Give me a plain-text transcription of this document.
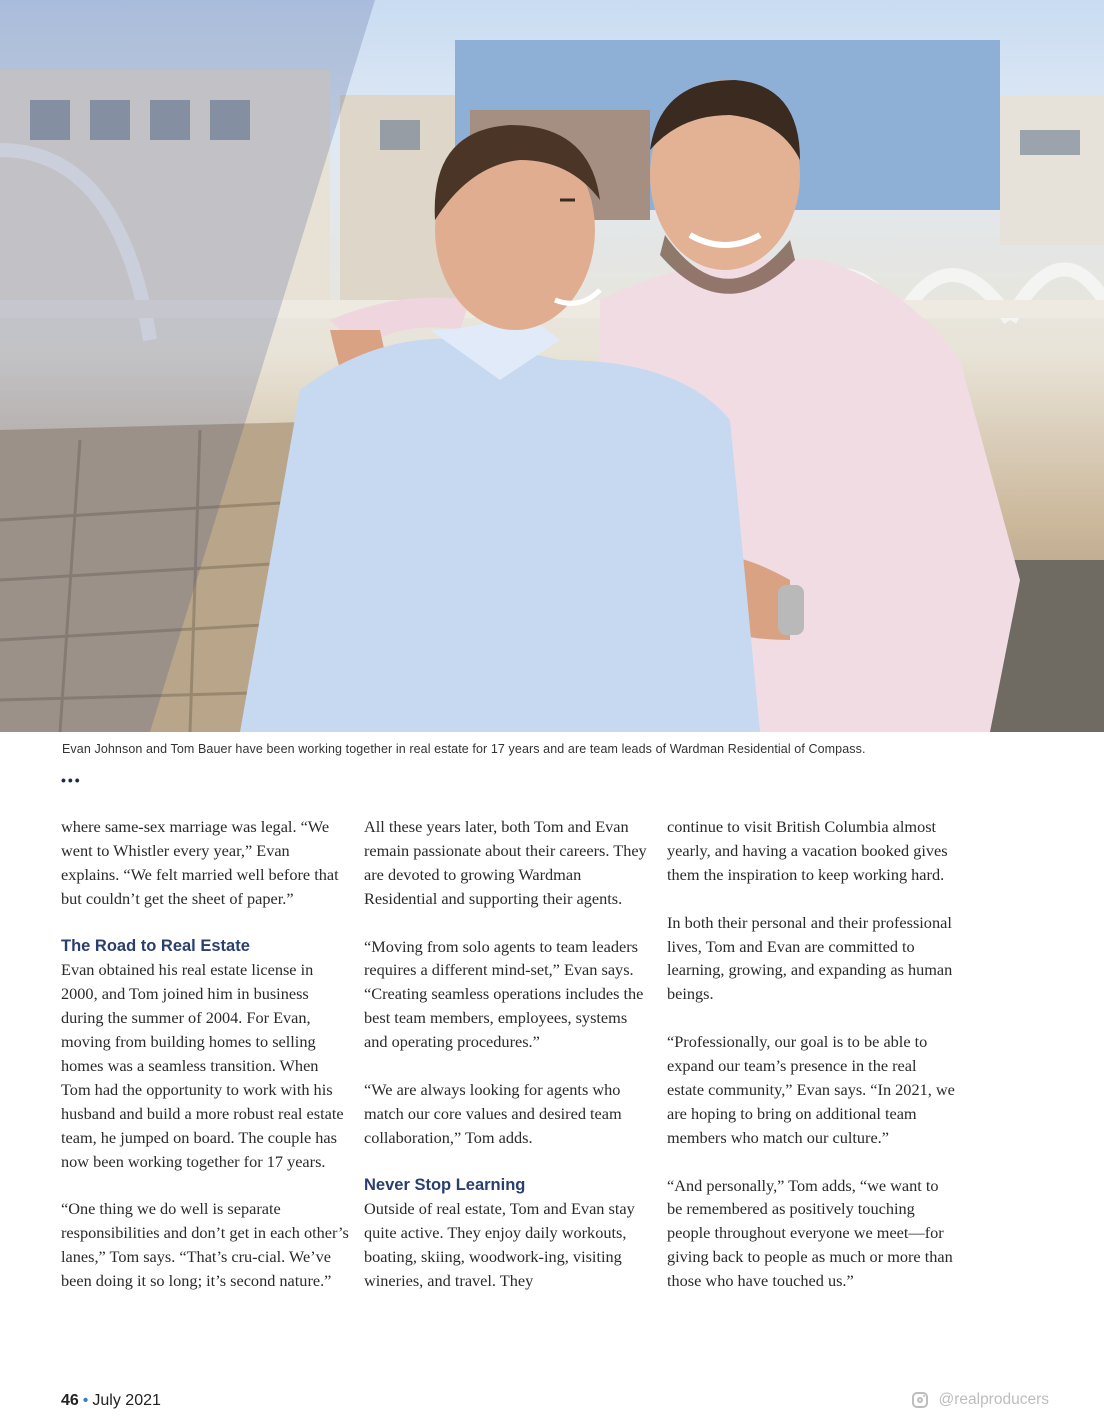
Evan Johnson and Tom Bauer have been working together in real estate for 17 years and are team leads of Wardman Residential of Compass.
•••

where same-sex marriage was legal. “We went to Whistler every year,” Evan explains. “We felt married well before that but couldn’t get the sheet of paper.”

The Road to Real Estate

Evan obtained his real estate license in 2000, and Tom joined him in business during the summer of 2004. For Evan, moving from building homes to selling homes was a seamless transition. When Tom had the opportunity to work with his husband and build a more robust real estate team, he jumped on board. The couple has now been working together for 17 years.

“One thing we do well is separate responsibilities and don’t get in each other’s lanes,” Tom says. “That’s cru-cial. We’ve been doing it so long; it’s second nature.”

All these years later, both Tom and Evan remain passionate about their careers. They are devoted to growing Wardman Residential and supporting their agents.

“Moving from solo agents to team leaders requires a different mind-set,” Evan says. “Creating seamless operations includes the best team members, employees, systems and operating procedures.”

“We are always looking for agents who match our core values and desired team collaboration,” Tom adds.

Never Stop Learning

Outside of real estate, Tom and Evan stay quite active. They enjoy daily workouts, boating, skiing, woodwork-ing, visiting wineries, and travel. They

continue to visit British Columbia almost yearly, and having a vacation booked gives them the inspiration to keep working hard.

In both their personal and their professional lives, Tom and Evan are committed to learning, growing, and expanding as human beings.

“Professionally, our goal is to be able to expand our team’s presence in the real estate community,” Evan says. “In 2021, we are hoping to bring on additional team members who match our culture.”

“And personally,” Tom adds, “we want to be remembered as positively touching people throughout everyone we meet—for giving back to people as much or more than those who have touched us.”

46 • July 2021	@realproducers
